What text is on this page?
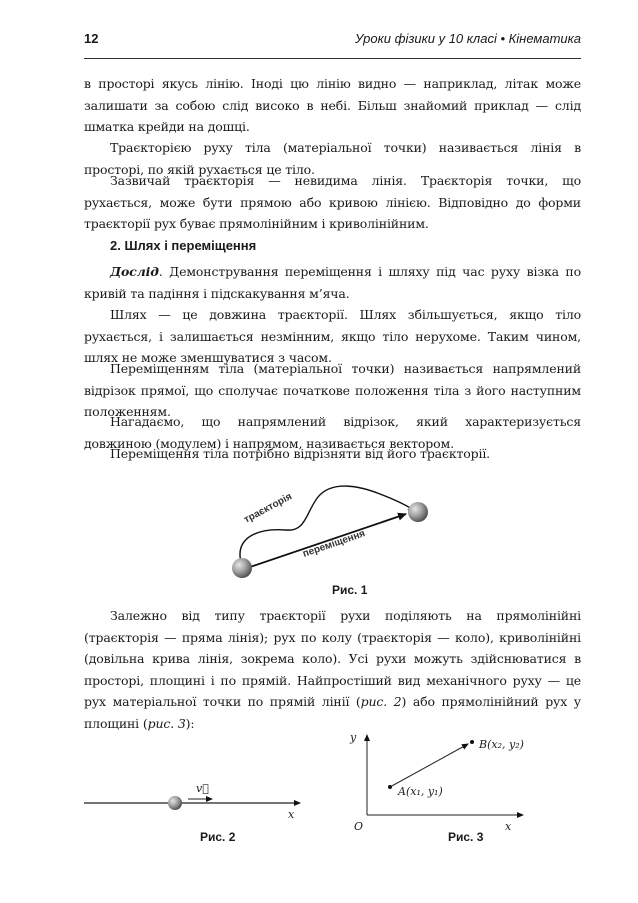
12	Уроки фізики у 10 класі • Кінематика

в просторі якусь лінію. Іноді цю лінію видно — наприклад, літак може залишати за собою слід високо в небі. Більш знайомий приклад — слід шматка крейди на дошці.

Траєкторією руху тіла (матеріальної точки) називається лінія в просторі, по якій рухається це тіло.

Зазвичай траєкторія — невидима лінія. Траєкторія точки, що рухається, може бути прямою або кривою лінією. Відповідно до форми траєкторії рух буває прямолінійним і криволінійним.

2. Шлях і переміщення

Дослід. Демонстрування переміщення і шляху під час руху візка по кривій та падіння і підскакування м’яча.

Шлях — це довжина траєкторії. Шлях збільшується, якщо тіло рухається, і залишається незмінним, якщо тіло нерухоме. Таким чином, шлях не може зменшуватися з часом.

Переміщенням тіла (матеріальної точки) називається напрямлений відрізок прямої, що сполучає початкове положення тіла з його наступним положенням.

Нагадаємо, що напрямлений відрізок, який характеризується довжиною (модулем) і напрямом, називається вектором.

Переміщення тіла потрібно відрізняти від його траєкторії.

Залежно від типу траєкторії рухи поділяють на прямолінійні (траєкторія — пряма лінія); рух по колу (траєкторія — коло), криволінійні (довільна крива лінія, зокрема коло). Усі рухи можуть здійснюватися в просторі, площині і по прямій. Найпростіший вид механічного руху — це рух матеріальної точки по прямій лінії (рис. 2) або прямолінійний рух у площині (рис. 3):

траєкторія
переміщення
v⃗
x
y
x
O
A(x₁, y₁)
B(x₂, y₂)
Рис. 1
Рис. 2	Рис. 3
